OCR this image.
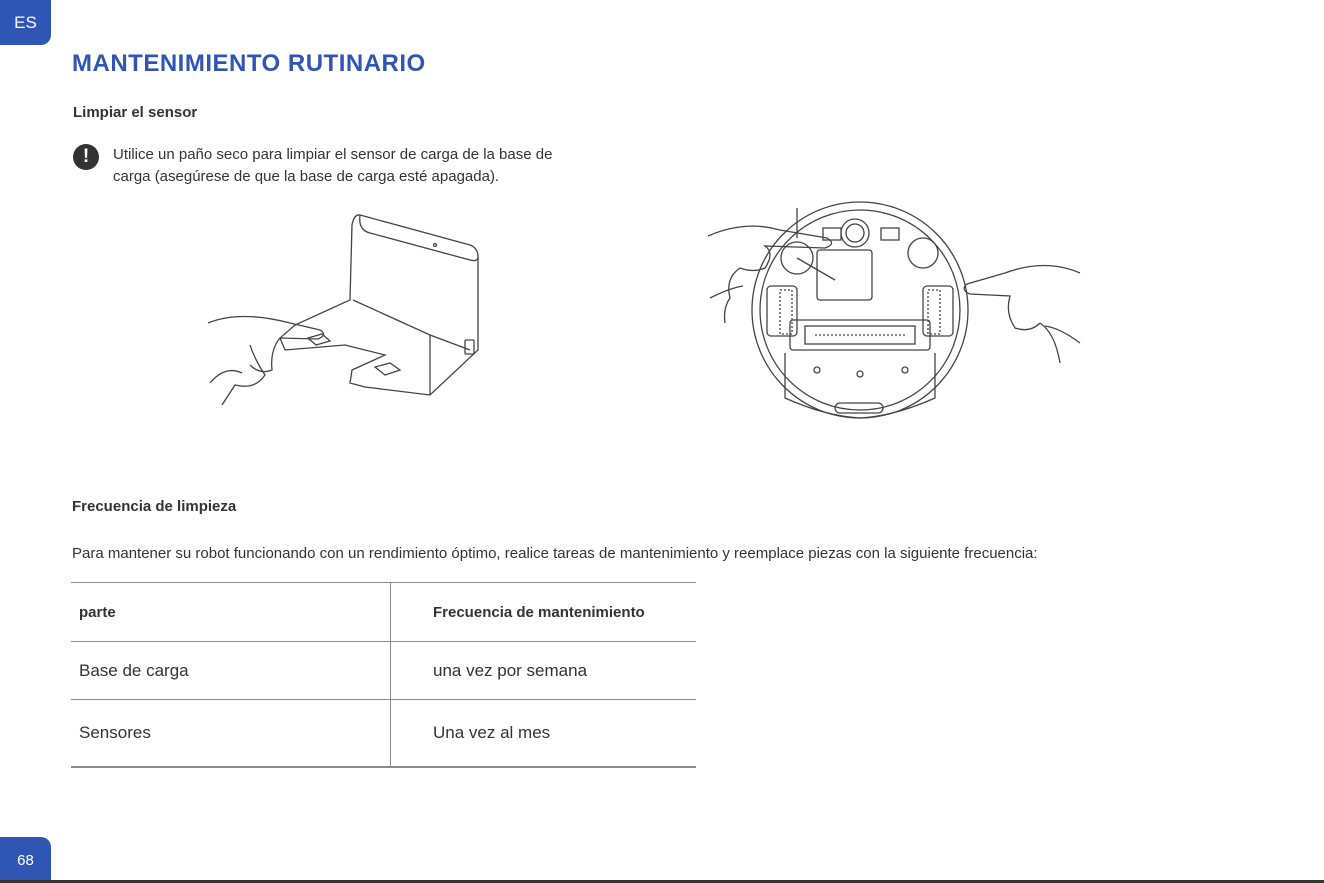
ES
MANTENIMIENTO RUTINARIO
Limpiar el sensor
!	Utilice un paño seco para limpiar el sensor de carga de la base de carga (asegúrese de que la base de carga esté apagada).
Frecuencia de limpieza
Para mantener su robot funcionando con un rendimiento óptimo, realice tareas de mantenimiento y reemplace piezas con la siguiente frecuencia:
parte	Frecuencia de mantenimiento
Base de carga	una vez por semana
Sensores	Una vez al mes
68
